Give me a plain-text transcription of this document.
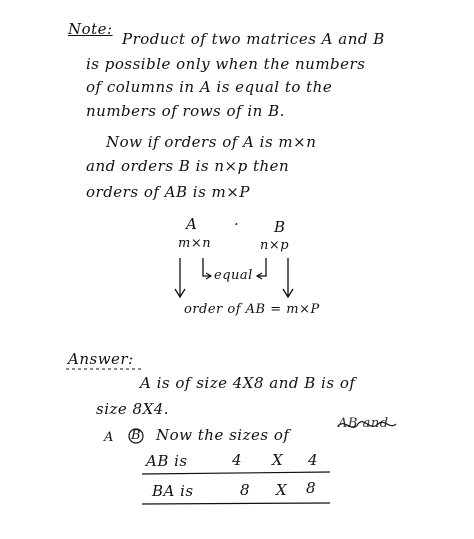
Note:
Product of two matrices A and B
is possible only when the numbers
of columns in A is equal to the
numbers of rows of in B.
Now if orders of A is m×n
and orders B is n×p then
orders of AB is m×P
A · B
m×n	n×p
equal
order of AB = m×P
Answer:
A is of size 4X8 and B is of
size 8X4.
A B Now the sizes of
AB and
AB is	4 X 4
BA is	8 X 8
